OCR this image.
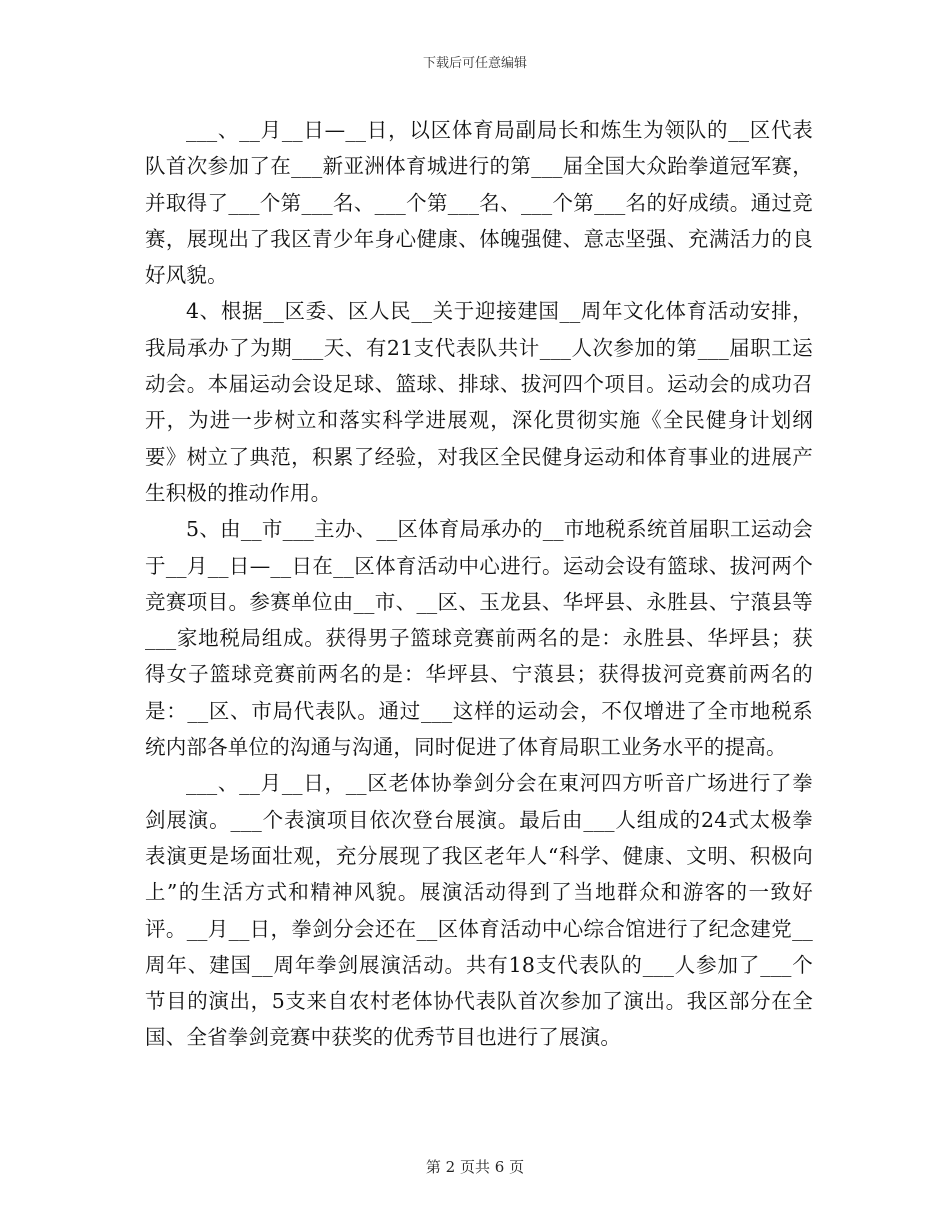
下载后可任意编辑

___、__月__日—__日，以区体育局副局长和炼生为领队的__区代表队首次参加了在___新亚洲体育城进行的第___届全国大众跆拳道冠军赛，并取得了___个第___名、___个第___名、___个第___名的好成绩。通过竞赛，展现出了我区青少年身心健康、体魄强健、意志坚强、充满活力的良好风貌。

4、根据__区委、区人民__关于迎接建国__周年文化体育活动安排，我局承办了为期___天、有21支代表队共计___人次参加的第___届职工运动会。本届运动会设足球、篮球、排球、拔河四个项目。运动会的成功召开，为进一步树立和落实科学进展观，深化贯彻实施《全民健身计划纲要》树立了典范，积累了经验，对我区全民健身运动和体育事业的进展产生积极的推动作用。

5、由__市___主办、__区体育局承办的__市地税系统首届职工运动会于__月__日—__日在__区体育活动中心进行。运动会设有篮球、拔河两个竞赛项目。参赛单位由__市、__区、玉龙县、华坪县、永胜县、宁蒗县等___家地税局组成。获得男子篮球竞赛前两名的是：永胜县、华坪县；获得女子篮球竞赛前两名的是：华坪县、宁蒗县；获得拔河竞赛前两名的是：__区、市局代表队。通过___这样的运动会，不仅增进了全市地税系统内部各单位的沟通与沟通，同时促进了体育局职工业务水平的提高。

___、__月__日，__区老体协拳剑分会在東河四方听音广场进行了拳剑展演。___个表演项目依次登台展演。最后由___人组成的24式太极拳表演更是场面壮观，充分展现了我区老年人“科学、健康、文明、积极向上”的生活方式和精神风貌。展演活动得到了当地群众和游客的一致好评。__月__日，拳剑分会还在__区体育活动中心综合馆进行了纪念建党__周年、建国__周年拳剑展演活动。共有18支代表队的___人参加了___个节目的演出，5支来自农村老体协代表队首次参加了演出。我区部分在全国、全省拳剑竞赛中获奖的优秀节目也进行了展演。

第 2 页共 6 页
